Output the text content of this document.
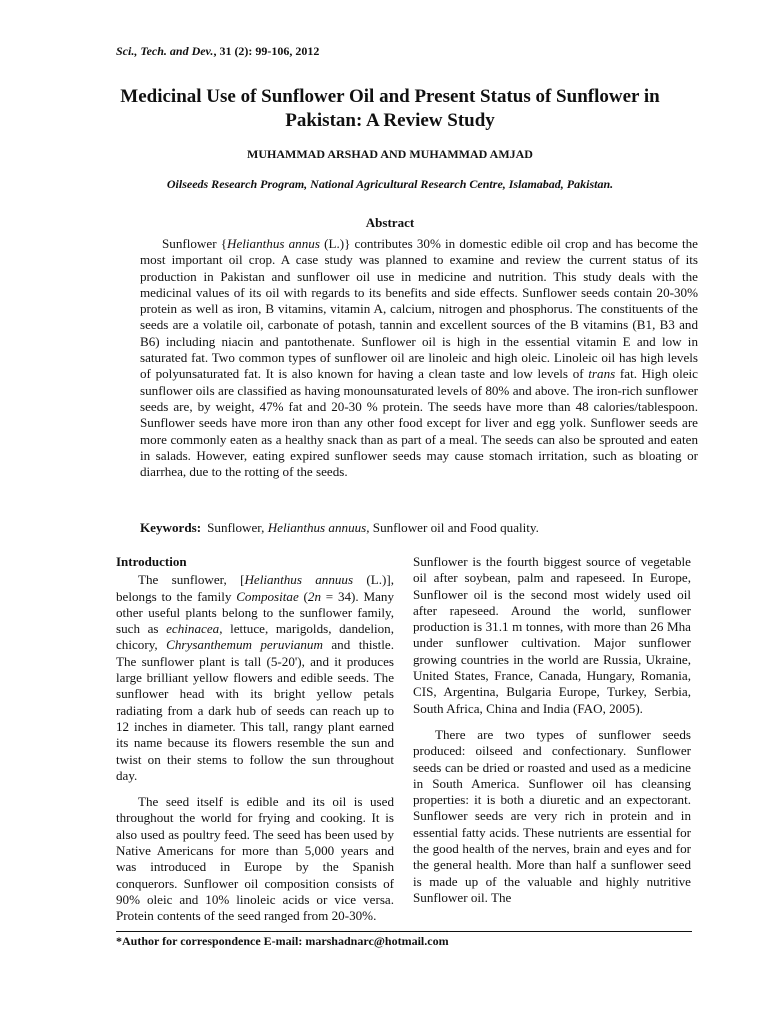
Sci., Tech. and Dev., 31 (2): 99-106, 2012
Medicinal Use of Sunflower Oil and Present Status of Sunflower in Pakistan: A Review Study
MUHAMMAD ARSHAD AND MUHAMMAD AMJAD
Oilseeds Research Program, National Agricultural Research Centre, Islamabad, Pakistan.
Abstract

Sunflower {Helianthus annus (L.)} contributes 30% in domestic edible oil crop and has become the most important oil crop. A case study was planned to examine and review the current status of its production in Pakistan and sunflower oil use in medicine and nutrition. This study deals with the medicinal values of its oil with regards to its benefits and side effects. Sunflower seeds contain 20-30% protein as well as iron, B vitamins, vitamin A, calcium, nitrogen and phosphorus. The constituents of the seeds are a volatile oil, carbonate of potash, tannin and excellent sources of the B vitamins (B1, B3 and B6) including niacin and pantothenate. Sunflower oil is high in the essential vitamin E and low in saturated fat. Two common types of sunflower oil are linoleic and high oleic. Linoleic oil has high levels of polyunsaturated fat. It is also known for having a clean taste and low levels of trans fat. High oleic sunflower oils are classified as having monounsaturated levels of 80% and above. The iron-rich sunflower seeds are, by weight, 47% fat and 20-30 % protein. The seeds have more than 48 calories/tablespoon. Sunflower seeds have more iron than any other food except for liver and egg yolk. Sunflower seeds are more commonly eaten as a healthy snack than as part of a meal. The seeds can also be sprouted and eaten in salads. However, eating expired sunflower seeds may cause stomach irritation, such as bloating or diarrhea, due to the rotting of the seeds.

Keywords: Sunflower, Helianthus annuus, Sunflower oil and Food quality.
Introduction

The sunflower, [Helianthus annuus (L.)], belongs to the family Compositae (2n = 34). Many other useful plants belong to the sunflower family, such as echinacea, lettuce, marigolds, dandelion, chicory, Chrysanthemum peruvianum and thistle. The sunflower plant is tall (5-20'), and it produces large brilliant yellow flowers and edible seeds. The sunflower head with its bright yellow petals radiating from a dark hub of seeds can reach up to 12 inches in diameter. This tall, rangy plant earned its name because its flowers resemble the sun and twist on their stems to follow the sun throughout day.

The seed itself is edible and its oil is used throughout the world for frying and cooking. It is also used as poultry feed. The seed has been used by Native Americans for more than 5,000 years and was introduced in Europe by the Spanish conquerors. Sunflower oil composition consists of 90% oleic and 10% linoleic acids or vice versa. Protein contents of the seed ranged from 20-30%.

Sunflower is the fourth biggest source of vegetable oil after soybean, palm and rapeseed. In Europe, Sunflower oil is the second most widely used oil after rapeseed. Around the world, sunflower production is 31.1 m tonnes, with more than 26 Mha under sunflower cultivation. Major sunflower growing countries in the world are Russia, Ukraine, United States, France, Canada, Hungary, Romania, CIS, Argentina, Bulgaria Europe, Turkey, Serbia, South Africa, China and India (FAO, 2005).

There are two types of sunflower seeds produced: oilseed and confectionary. Sunflower seeds can be dried or roasted and used as a medicine in South America. Sunflower oil has cleansing properties: it is both a diuretic and an expectorant. Sunflower seeds are very rich in protein and in essential fatty acids. These nutrients are essential for the good health of the nerves, brain and eyes and for the general health. More than half a sunflower seed is made up of the valuable and highly nutritive Sunflower oil. The

*Author for correspondence E-mail: marshadnarc@hotmail.com
